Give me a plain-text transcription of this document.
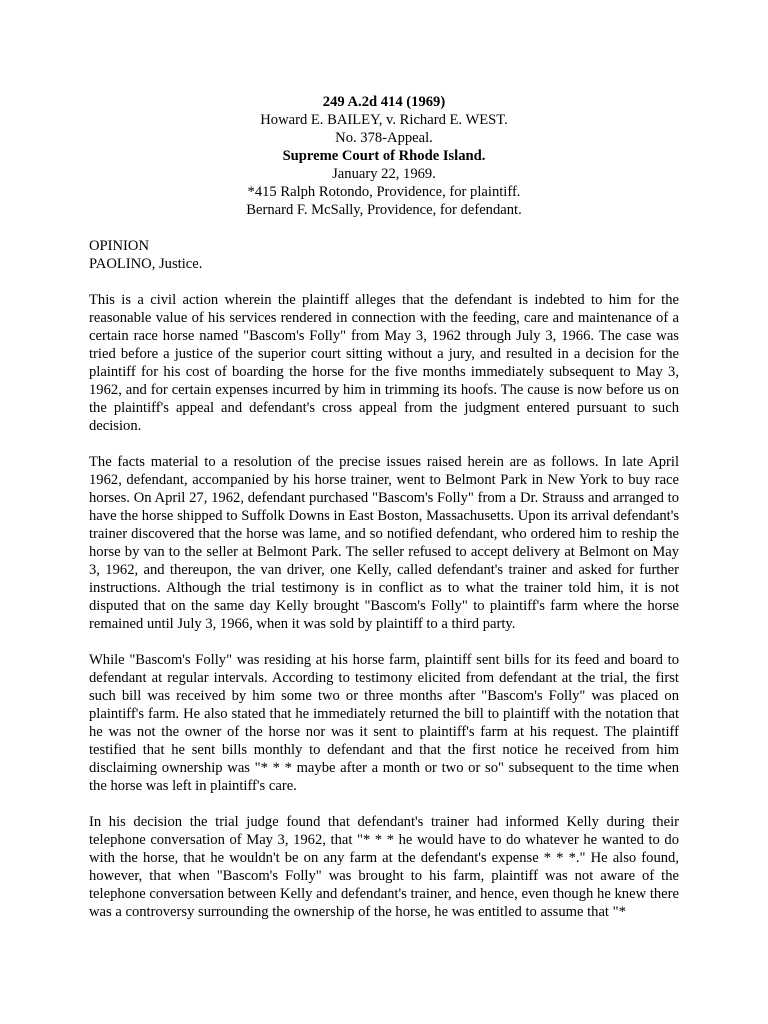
249 A.2d 414 (1969)
Howard E. BAILEY, v. Richard E. WEST.
No. 378-Appeal.
Supreme Court of Rhode Island.
January 22, 1969.
*415 Ralph Rotondo, Providence, for plaintiff.
Bernard F. McSally, Providence, for defendant.
OPINION
PAOLINO, Justice.

This is a civil action wherein the plaintiff alleges that the defendant is indebted to him for the reasonable value of his services rendered in connection with the feeding, care and maintenance of a certain race horse named "Bascom's Folly" from May 3, 1962 through July 3, 1966. The case was tried before a justice of the superior court sitting without a jury, and resulted in a decision for the plaintiff for his cost of boarding the horse for the five months immediately subsequent to May 3, 1962, and for certain expenses incurred by him in trimming its hoofs. The cause is now before us on the plaintiff's appeal and defendant's cross appeal from the judgment entered pursuant to such decision.

The facts material to a resolution of the precise issues raised herein are as follows. In late April 1962, defendant, accompanied by his horse trainer, went to Belmont Park in New York to buy race horses. On April 27, 1962, defendant purchased "Bascom's Folly" from a Dr. Strauss and arranged to have the horse shipped to Suffolk Downs in East Boston, Massachusetts. Upon its arrival defendant's trainer discovered that the horse was lame, and so notified defendant, who ordered him to reship the horse by van to the seller at Belmont Park. The seller refused to accept delivery at Belmont on May 3, 1962, and thereupon, the van driver, one Kelly, called defendant's trainer and asked for further instructions. Although the trial testimony is in conflict as to what the trainer told him, it is not disputed that on the same day Kelly brought "Bascom's Folly" to plaintiff's farm where the horse remained until July 3, 1966, when it was sold by plaintiff to a third party.

While "Bascom's Folly" was residing at his horse farm, plaintiff sent bills for its feed and board to defendant at regular intervals. According to testimony elicited from defendant at the trial, the first such bill was received by him some two or three months after "Bascom's Folly" was placed on plaintiff's farm. He also stated that he immediately returned the bill to plaintiff with the notation that he was not the owner of the horse nor was it sent to plaintiff's farm at his request. The plaintiff testified that he sent bills monthly to defendant and that the first notice he received from him disclaiming ownership was "* * * maybe after a month or two or so" subsequent to the time when the horse was left in plaintiff's care.

In his decision the trial judge found that defendant's trainer had informed Kelly during their telephone conversation of May 3, 1962, that "* * * he would have to do whatever he wanted to do with the horse, that he wouldn't be on any farm at the defendant's expense * * *." He also found, however, that when "Bascom's Folly" was brought to his farm, plaintiff was not aware of the telephone conversation between Kelly and defendant's trainer, and hence, even though he knew there was a controversy surrounding the ownership of the horse, he was entitled to assume that "*
